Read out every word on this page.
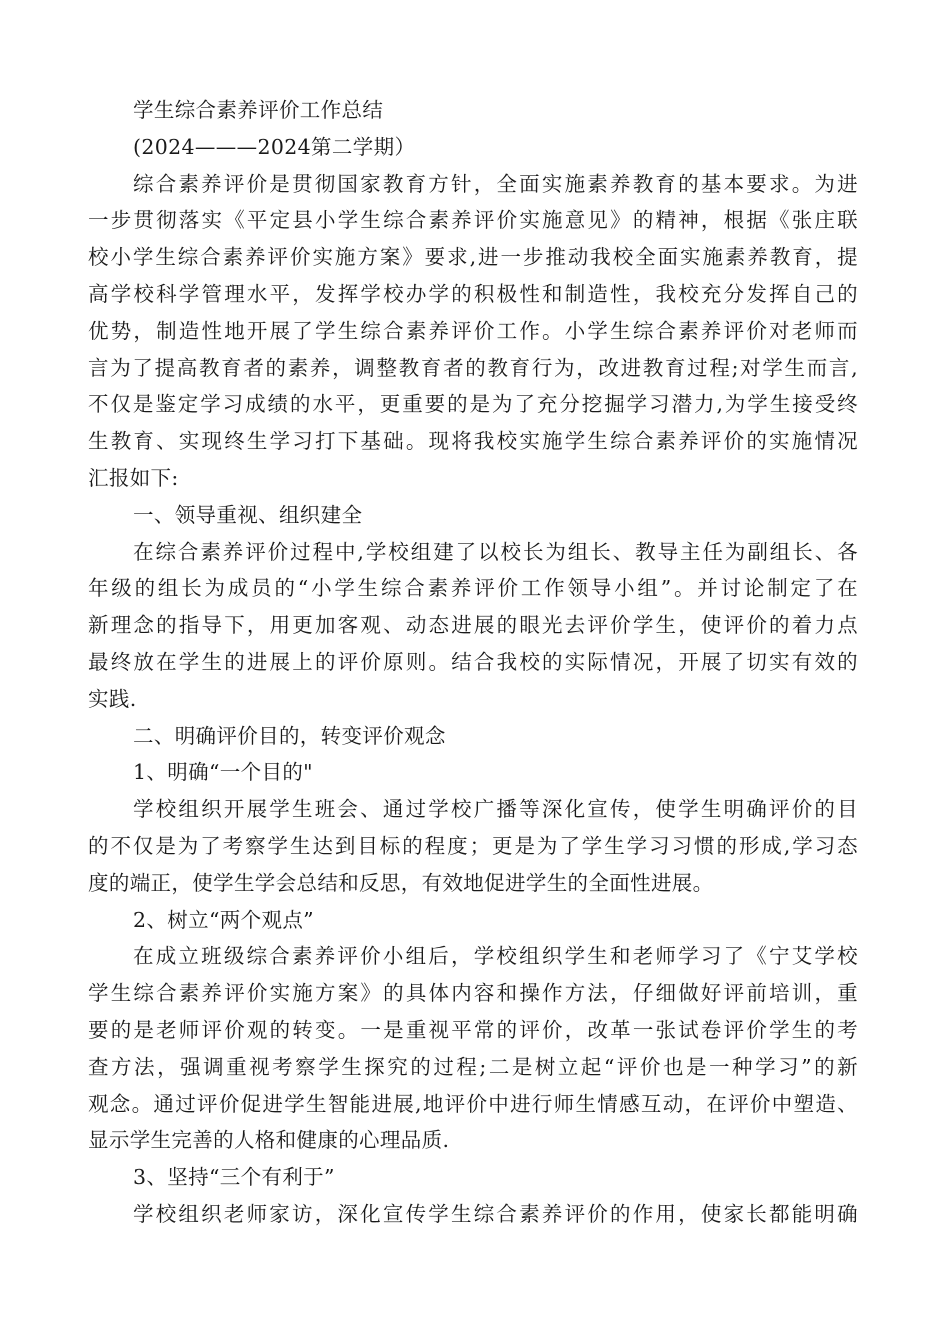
学生综合素养评价工作总结
(2024———2024第二学期）
综合素养评价是贯彻国家教育方针，全面实施素养教育的基本要求。为进
一步贯彻落实《平定县小学生综合素养评价实施意见》的精神，根据《张庄联
校小学生综合素养评价实施方案》要求,进一步推动我校全面实施素养教育，提
高学校科学管理水平，发挥学校办学的积极性和制造性，我校充分发挥自己的
优势，制造性地开展了学生综合素养评价工作。小学生综合素养评价对老师而
言为了提高教育者的素养，调整教育者的教育行为，改进教育过程;对学生而言,
不仅是鉴定学习成绩的水平，更重要的是为了充分挖掘学习潜力,为学生接受终
生教育、实现终生学习打下基础。现将我校实施学生综合素养评价的实施情况
汇报如下:
一、领导重视、组织建全
在综合素养评价过程中,学校组建了以校长为组长、教导主任为副组长、各
年级的组长为成员的“小学生综合素养评价工作领导小组”。并讨论制定了在
新理念的指导下，用更加客观、动态进展的眼光去评价学生，使评价的着力点
最终放在学生的进展上的评价原则。结合我校的实际情况，开展了切实有效的
实践.
二、明确评价目的，转变评价观念
1、明确“一个目的"
学校组织开展学生班会、通过学校广播等深化宣传，使学生明确评价的目
的不仅是为了考察学生达到目标的程度；更是为了学生学习习惯的形成,学习态
度的端正，使学生学会总结和反思，有效地促进学生的全面性进展。
2、树立“两个观点”
在成立班级综合素养评价小组后，学校组织学生和老师学习了《宁艾学校
学生综合素养评价实施方案》的具体内容和操作方法，仔细做好评前培训，重
要的是老师评价观的转变。一是重视平常的评价，改革一张试卷评价学生的考
查方法，强调重视考察学生探究的过程;二是树立起“评价也是一种学习”的新
观念。通过评价促进学生智能进展,地评价中进行师生情感互动，在评价中塑造、
显示学生完善的人格和健康的心理品质.
3、坚持“三个有利于”
学校组织老师家访，深化宣传学生综合素养评价的作用，使家长都能明确
